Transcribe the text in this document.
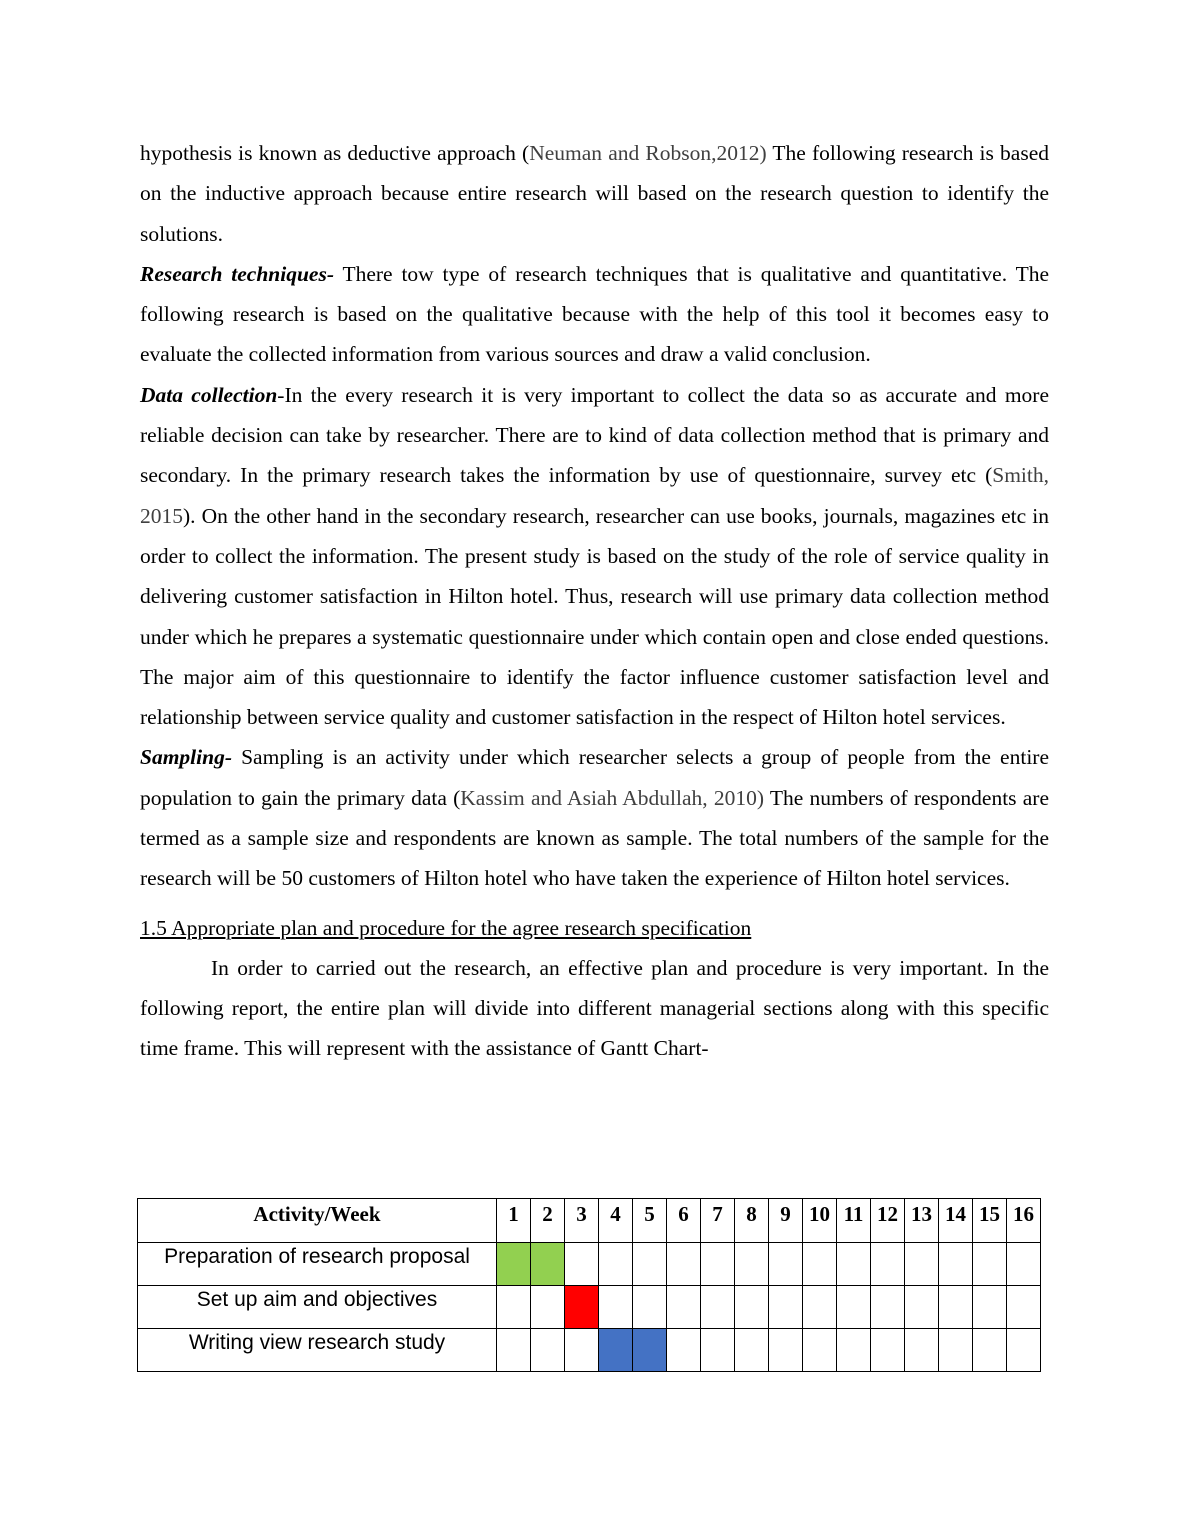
hypothesis is known as deductive approach (Neuman and Robson,2012) The following research is based on the inductive approach because entire research will based on the research question to identify the solutions.

Research techniques- There tow type of research techniques that is qualitative and quantitative. The following research is based on the qualitative because with the help of this tool it becomes easy to evaluate the collected information from various sources and draw a valid conclusion.

Data collection-In the every research it is very important to collect the data so as accurate and more reliable decision can take by researcher. There are to kind of data collection method that is primary and secondary. In the primary research takes the information by use of questionnaire, survey etc (Smith, 2015). On the other hand in the secondary research, researcher can use books, journals, magazines etc in order to collect the information. The present study is based on the study of the role of service quality in delivering customer satisfaction in Hilton hotel. Thus, research will use primary data collection method under which he prepares a systematic questionnaire under which contain open and close ended questions. The major aim of this questionnaire to identify the factor influence customer satisfaction level and relationship between service quality and customer satisfaction in the respect of Hilton hotel services.

Sampling- Sampling is an activity under which researcher selects a group of people from the entire population to gain the primary data (Kassim and Asiah Abdullah, 2010) The numbers of respondents are termed as a sample size and respondents are known as sample. The total numbers of the sample for the research will be 50 customers of Hilton hotel who have taken the experience of Hilton hotel services.

1.5 Appropriate plan and procedure for the agree research specification

In order to carried out the research, an effective plan and procedure is very important. In the following report, the entire plan will divide into different managerial sections along with this specific time frame. This will represent with the assistance of Gantt Chart-

Activity/Week	1	2	3	4	5	6	7	8	9	10	11	12	13	14	15	16
Preparation of research proposal																
Set up aim and objectives																
Writing view research study																
